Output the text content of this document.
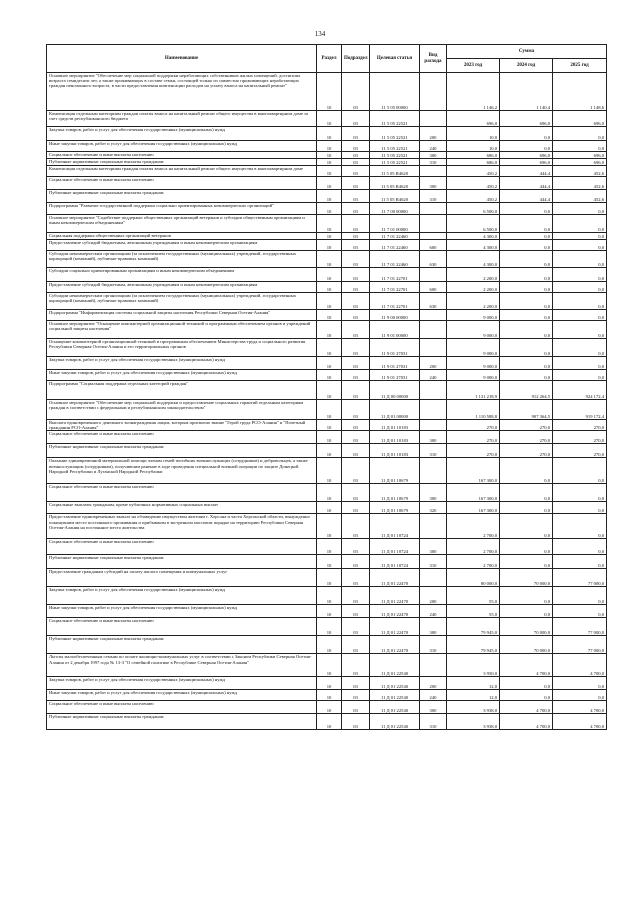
134
Наименование	Раздел	Подраздел	Целевая статья	Вид расхода	Сумма		
					2023 год	2024 год	2025 год
Основное мероприятие "Обеспечение мер социальной поддержки неработающих собственников жилых помещений, достигших возраста семидесяти лет, а также проживающих в составе семьи, состоящей только из совместно проживающих неработающих граждан пенсионного возраста, в части предоставления компенсации расходов на уплату взноса на капитальный ремонт"	10	03	11 5 05 00000		1 146,2	1 140,4	1 148,6
Компенсация отдельным категориям граждан оплаты взноса на капитальный ремонт общего имущества в многоквартирном доме за счет средств республиканского бюджета	10	03	11 5 05 22521		696,0	696,0	696,0
Закупка товаров, работ и услуг для обеспечения государственных (муниципальных) нужд	10	03	11 5 05 22521	200	10,0	0,0	0,0
Иные закупки товаров, работ и услуг для обеспечения государственных (муниципальных) нужд	10	03	11 5 05 22521	240	10,0	0,0	0,0
Социальное обеспечение и иные выплаты населению	10	03	11 5 05 22521	300	686,0	696,0	696,0
Публичные нормативные социальные выплаты гражданам	10	03	11 5 05 22521	310	686,0	696,0	696,0
Компенсация отдельным категориям граждан оплаты взноса на капитальный ремонт общего имущества в многоквартирном доме	10	03	11 5 05 R4620		450,2	444,4	452,6
Социальное обеспечение и иные выплаты населению	10	03	11 5 05 R4620	300	450,2	444,4	452,6
Публичные нормативные социальные выплаты гражданам	10	03	11 5 05 R4620	310	450,2	444,4	452,6
Подпрограмма "Развитие государственной поддержки социально ориентированных некоммерческих организаций"	10	03	11 7 00 00000		6 500,0	0,0	0,0
Основное мероприятие "Содействие поддержке общественных организаций ветеранов и субсидии общественным организациям и иным некоммерческим объединениям"	10	03	11 7 01 00000		6 500,0	0,0	0,0
Социальная поддержка общественных организаций ветеранов	10	03	11 7 01 22460		4 300,0	0,0	0,0
Предоставление субсидий бюджетным, автономным учреждениям и иным некоммерческим организациям	10	03	11 7 01 22460	600	4 300,0	0,0	0,0
Субсидии некоммерческим организациям (за исключением государственных (муниципальных) учреждений, государственных корпораций (компаний), публично-правовых компаний)	10	03	11 7 01 22460	630	4 300,0	0,0	0,0
Субсидии социально ориентированным организациям и иным некоммерческим объединениям	10	03	11 7 01 22701		2 200,0	0,0	0,0
Предоставление субсидий бюджетным, автономным учреждениям и иным некоммерческим организациям	10	03	11 7 01 22701	600	2 200,0	0,0	0,0
Субсидии некоммерческим организациям (за исключением государственных (муниципальных) учреждений, государственных корпораций (компаний), публично-правовых компаний)	10	03	11 7 01 22701	630	2 200,0	0,0	0,0
Подпрограмма "Информатизация системы социальной защиты населения Республики Северная Осетия-Алания"	10	03	11 9 00 00000		9 000,0	0,0	0,0
Основное мероприятие "Оснащение компьютерной организационной техникой и программным обеспечением органов и учреждений социальной защиты населения"	10	03	11 9 01 00000		9 000,0	0,0	0,0
Оснащение компьютерной организационной техникой и программным обеспечением Министерства труда и социального развития Республики Северная Осетия-Алания и его территориальных органов	10	03	11 9 01 27031		9 000,0	0,0	0,0
Закупка товаров, работ и услуг для обеспечения государственных (муниципальных) нужд	10	03	11 9 01 27031	200	9 000,0	0,0	0,0
Иные закупки товаров, работ и услуг для обеспечения государственных (муниципальных) нужд	10	03	11 9 01 27031	240	9 000,0	0,0	0,0
Подпрограмма "Социальная поддержка отдельных категорий граждан"	10	03	11 Д 00 00000		1 131 218,9	912 264,5	924 172,4
Основное мероприятие "Обеспечение мер социальной поддержки и предоставление социальных гарантий отдельным категориям граждан в соответствии с федеральным и республиканским законодательством"	10	03	11 Д 01 00000		1 110 588,8	907 364,5	919 172,4
Выплата единовременного денежного вознаграждения лицам, которым присвоено звание "Герой труда РСО-Алания" и "Почетный гражданин РСО-Алания"	10	03	11 Д 01 10183		270,0	270,0	270,0
Социальное обеспечение и иные выплаты населению	10	03	11 Д 01 10183	300	270,0	270,0	270,0
Публичные нормативные социальные выплаты гражданам	10	03	11 Д 01 10183	310	270,0	270,0	270,0
Оказание единовременной материальной помощи членам семей погибших военнослужащих (сотрудников) и добровольцев, а также военнослужащим (сотрудникам), получившим ранение в ходе проведения специальной военной операции по защите Донецкой Народной Республики и Луганской Народной Республики	10	03	11 Д 01 10679		167 300,0	0,0	0,0
Социальное обеспечение и иные выплаты населению	10	03	11 Д 01 10679	300	167 300,0	0,0	0,0
Социальные выплаты гражданам, кроме публичных нормативных социальных выплат	10	03	11 Д 01 10679	320	167 300,0	0,0	0,0
Предоставление единовременных выплат на обзаведение имуществом жителям г. Херсона и части Херсонской области, вынужденно покинувшим место постоянного проживания и прибывшим в экстренном массовом порядке на территорию Республики Северная Осетия-Алания на постоянное место жительства	10	03	11 Д 01 10724		2 700,0	0,0	0,0
Социальное обеспечение и иные выплаты населению	10	03	11 Д 01 10724	300	2 700,0	0,0	0,0
Публичные нормативные социальные выплаты гражданам	10	03	11 Д 01 10724	310	2 700,0	0,0	0,0
Предоставление гражданам субсидий на оплату жилого помещения и коммунальных услуг	10	03	11 Д 01 22470		80 000,0	70 000,0	77 000,0
Закупка товаров, работ и услуг для обеспечения государственных (муниципальных) нужд	10	03	11 Д 01 22470	200	55,0	0,0	0,0
Иные закупки товаров, работ и услуг для обеспечения государственных (муниципальных) нужд	10	03	11 Д 01 22470	240	55,0	0,0	0,0
Социальное обеспечение и иные выплаты населению	10	03	11 Д 01 22470	300	79 945,0	70 000,0	77 000,0
Публичные нормативные социальные выплаты гражданам	10	03	11 Д 01 22470	310	79 945,0	70 000,0	77 000,0
Льготы малообеспеченным семьям по оплате жилищно-коммунальных услуг в соответствии с Законом Республики Северная Осетия-Алания от 2 декабря 1997 года № 13-З "О семейной политике в Республике Северная Осетия-Алания"	10	03	11 Д 01 22540		3 950,0	4 700,0	4 700,0
Закупка товаров, работ и услуг для обеспечения государственных (муниципальных) нужд	10	03	11 Д 01 22540	200	12,0	0,0	0,0
Иные закупки товаров, работ и услуг для обеспечения государственных (муниципальных) нужд	10	03	11 Д 01 22540	240	12,0	0,0	0,0
Социальное обеспечение и иные выплаты населению	10	03	11 Д 01 22540	300	3 938,0	4 700,0	4 700,0
Публичные нормативные социальные выплаты гражданам	10	03	11 Д 01 22540	310	3 938,0	4 700,0	4 700,0
